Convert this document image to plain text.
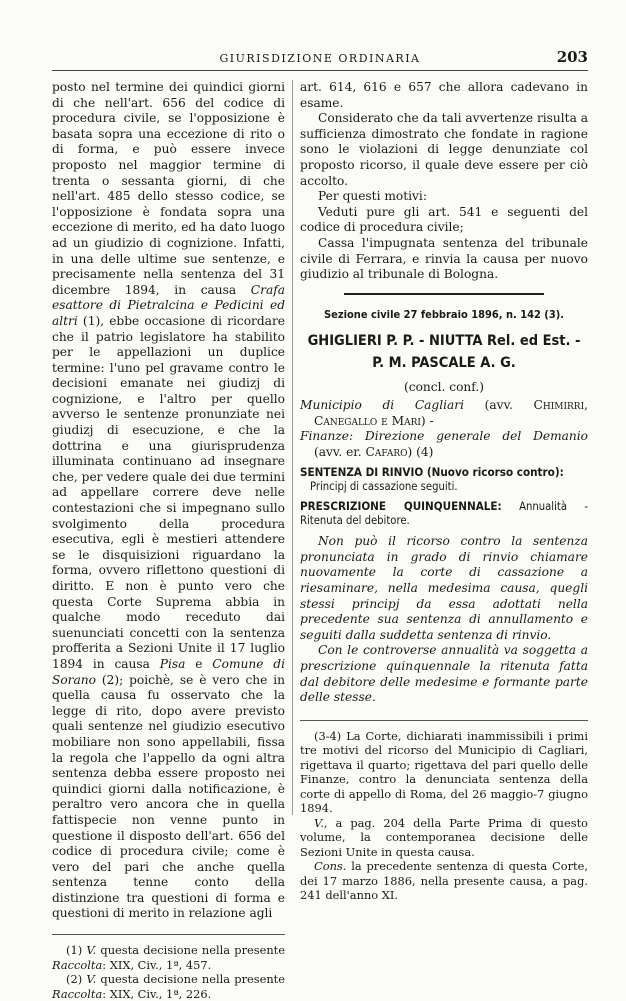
GIURISDIZIONE ORDINARIA	203

posto nel termine dei quindici giorni di che nell'art. 656 del codice di procedura civile, se l'opposizione è basata sopra una eccezione di rito o di forma, e può essere invece proposto nel maggior termine di trenta o sessanta giorni, di che nell'art. 485 dello stesso codice, se l'opposizione è fondata sopra una eccezione di merito, ed ha dato luogo ad un giudizio di cognizione. Infatti, in una delle ultime sue sentenze, e precisamente nella sentenza del 31 dicembre 1894, in causa Crafa esattore di Pietralcina e Pedicini ed altri (1), ebbe occasione di ricordare che il patrio legislatore ha stabilito per le appellazioni un duplice termine: l'uno pel gravame contro le decisioni emanate nei giudizj di cognizione, e l'altro per quello avverso le sentenze pronunziate nei giudizj di esecuzione, e che la dottrina e una giurisprudenza illuminata continuano ad insegnare che, per vedere quale dei due termini ad appellare correre deve nelle contestazioni che si impegnano sullo svolgimento della procedura esecutiva, egli è mestieri attendere se le disquisizioni riguardano la forma, ovvero riflettono questioni di diritto. E non è punto vero che questa Corte Suprema abbia in qualche modo receduto dai suenunciati concetti con la sentenza profferita a Sezioni Unite il 17 luglio 1894 in causa Pisa e Comune di Sorano (2); poichè, se è vero che in quella causa fu osservato che la legge di rito, dopo avere previsto quali sentenze nel giudizio esecutivo mobiliare non sono appellabili, fissa la regola che l'appello da ogni altra sentenza debba essere proposto nei quindici giorni dalla notificazione, è peraltro vero ancora che in quella fattispecie non venne punto in questione il disposto dell'art. 656 del codice di procedura civile; come è vero del pari che anche quella sentenza tenne conto della distinzione tra questioni di forma e questioni di merito in relazione agli

(1) V. questa decisione nella presente Raccolta: XIX, Civ., 1ª, 457.

(2) V. questa decisione nella presente Raccolta: XIX, Civ., 1ª, 226.

art. 614, 616 e 657 che allora cadevano in esame.

Considerato che da tali avvertenze risulta a sufficienza dimostrato che fondate in ragione sono le violazioni di legge denunziate col proposto ricorso, il quale deve essere per ciò accolto.

Per questi motivi:

Veduti pure gli art. 541 e seguenti del codice di procedura civile;

Cassa l'impugnata sentenza del tribunale civile di Ferrara, e rinvia la causa per nuovo giudizio al tribunale di Bologna.

Sezione civile 27 febbraio 1896, n. 142 (3).
GHIGLIERI P. P. - NIUTTA Rel. ed Est. -
P. M. PASCALE A. G.

(concl. conf.)

Municipio di Cagliari (avv. Chimirri, Canegallo e Mari) -

Finanze: Direzione generale del Demanio (avv. er. Cafaro) (4)

SENTENZA DI RINVIO (Nuovo ricorso contro):
Principj di cassazione seguiti.

PRESCRIZIONE QUINQUENNALE: Annualità - Ritenuta del debitore.

Non può il ricorso contro la sentenza pronunciata in grado di rinvio chiamare nuovamente la corte di cassazione a riesaminare, nella medesima causa, quegli stessi principj da essa adottati nella precedente sua sentenza di annullamento e seguiti dalla suddetta sentenza di rinvio.

Con le controverse annualità va soggetta a prescrizione quinquennale la ritenuta fatta dal debitore delle medesime e formante parte delle stesse.

(3-4) La Corte, dichiarati inammissibili i primi tre motivi del ricorso del Municipio di Cagliari, rigettava il quarto; rigettava del pari quello delle Finanze, contro la denunciata sentenza della corte di appello di Roma, del 26 maggio-7 giugno 1894.

V., a pag. 204 della Parte Prima di questo volume, la contemporanea decisione delle Sezioni Unite in questa causa.

Cons. la precedente sentenza di questa Corte, dei 17 marzo 1886, nella presente causa, a pag. 241 dell'anno XI.
